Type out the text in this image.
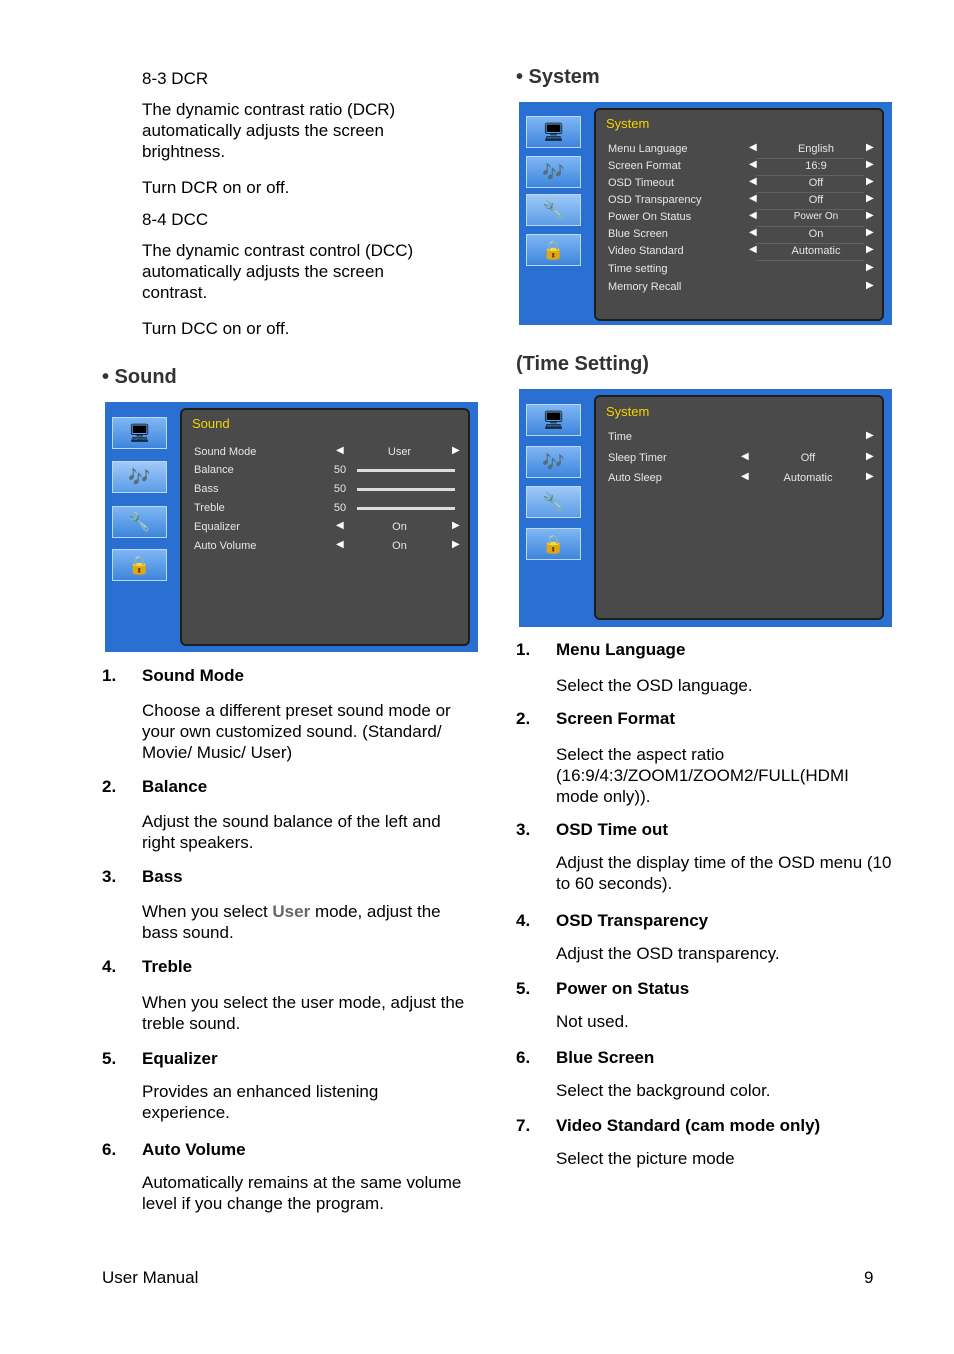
8-3 DCR
The dynamic contrast ratio (DCR) automatically adjusts the screen brightness.
Turn DCR on or off.
8-4 DCC
The dynamic contrast control (DCC) automatically adjusts the screen contrast.
Turn DCC on or off.
• Sound
🖥
🎶
🔧
🔒
Sound
Sound Mode	◀	User	▶
Balance	50
Bass	50
Treble	50
Equalizer	◀	On	▶
Auto Volume	◀	On	▶
1. Sound Mode
Choose a different preset sound mode or your own customized sound. (Standard/ Movie/ Music/ User)
2. Balance
Adjust the sound balance of the left and right speakers.
3. Bass
When you select User mode, adjust the bass sound.
4. Treble
When you select the user mode, adjust the treble sound.
5. Equalizer
Provides an enhanced listening experience.
6. Auto Volume
Automatically remains at the same volume level if you change the program.
• System
🖥
🎶
🔧
🔒
System
Menu Language	◀	English	▶
Screen Format	◀	16:9	▶
OSD Timeout	◀	Off	▶
OSD Transparency	◀	Off	▶
Power On Status	◀	Power On	▶
Blue Screen	◀	On	▶
Video Standard	◀	Automatic	▶
Time setting	▶
Memory Recall	▶
(Time Setting)
🖥
🎶
🔧
🔒
System
Time	▶
Sleep Timer	◀	Off	▶
Auto Sleep	◀	Automatic	▶
1. Menu Language
Select the OSD language.
2. Screen Format
Select the aspect ratio (16:9/4:3/ZOOM1/ZOOM2/FULL(HDMI mode only)).
3. OSD Time out
Adjust the display time of the OSD menu (10 to 60 seconds).
4. OSD Transparency
Adjust the OSD transparency.
5. Power on Status
Not used.
6. Blue Screen
Select the background color.
7. Video Standard (cam mode only)
Select the picture mode
User Manual	9
